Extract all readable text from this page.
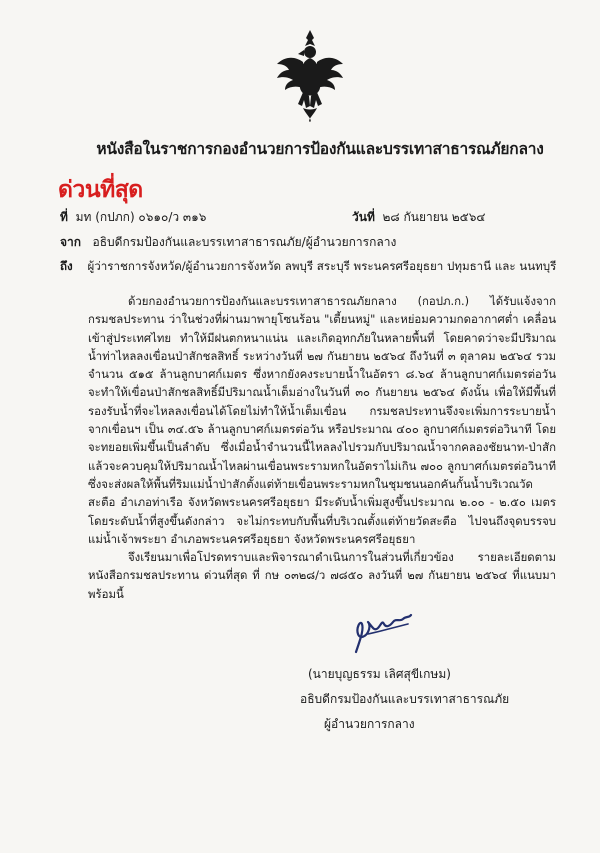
หนังสือในราชการกองอำนวยการป้องกันและบรรเทาสาธารณภัยกลาง
ด่วนที่สุด
ที่ มท (กปภก) ๐๖๑๐/ว ๓๑๖	วันที่ ๒๘ กันยายน ๒๕๖๔
จาก อธิบดีกรมป้องกันและบรรเทาสาธารณภัย/ผู้อำนวยการกลาง
ถึง ผู้ว่าราชการจังหวัด/ผู้อำนวยการจังหวัด ลพบุรี สระบุรี พระนครศรีอยุธยา ปทุมธานี และ นนทบุรี
ด้วยกองอำนวยการป้องกันและบรรเทาสาธารณภัยกลาง (กอปภ.ก.) ได้รับแจ้งจากกรมชลประทาน ว่าในช่วงที่ผ่านมาพายุโซนร้อน "เตี้ยนหมู่" และหย่อมความกดอากาศต่ำ เคลื่อนเข้าสู่ประเทศไทย ทำให้มีฝนตกหนาแน่น และเกิดอุทกภัยในหลายพื้นที่ โดยคาดว่าจะมีปริมาณน้ำท่าไหลลงเขื่อนป่าสักชลสิทธิ์ ระหว่างวันที่ ๒๗ กันยายน ๒๕๖๔ ถึงวันที่ ๓ ตุลาคม ๒๕๖๔ รวมจำนวน ๕๑๕ ล้านลูกบาศก์เมตร ซึ่งหากยังคงระบายน้ำในอัตรา ๘.๖๔ ล้านลูกบาศก์เมตรต่อวัน จะทำให้เขื่อนป่าสักชลสิทธิ์มีปริมาณน้ำเต็มอ่างในวันที่ ๓๐ กันยายน ๒๕๖๔ ดังนั้น เพื่อให้มีพื้นที่รองรับน้ำที่จะไหลลงเขื่อนได้โดยไม่ทำให้น้ำเต็มเขื่อน กรมชลประทานจึงจะเพิ่มการระบายน้ำจากเขื่อนฯ เป็น ๓๔.๕๖ ล้านลูกบาศก์เมตรต่อวัน หรือประมาณ ๔๐๐ ลูกบาศก์เมตรต่อวินาที โดยจะทยอยเพิ่มขึ้นเป็นลำดับ ซึ่งเมื่อน้ำจำนวนนี้ไหลลงไปรวมกับปริมาณน้ำจากคลองชัยนาท-ป่าสัก แล้วจะควบคุมให้ปริมาณน้ำไหลผ่านเขื่อนพระรามหกในอัตราไม่เกิน ๗๐๐ ลูกบาศก์เมตรต่อวินาที ซึ่งจะส่งผลให้พื้นที่ริมแม่น้ำป่าสักตั้งแต่ท้ายเขื่อนพระรามหกในชุมชนนอกคันกั้นน้ำบริเวณวัดสะตือ อำเภอท่าเรือ จังหวัดพระนครศรีอยุธยา มีระดับน้ำเพิ่มสูงขึ้นประมาณ ๒.๐๐ - ๒.๕๐ เมตร โดยระดับน้ำที่สูงขึ้นดังกล่าว จะไม่กระทบกับพื้นที่บริเวณตั้งแต่ท้ายวัดสะตือ ไปจนถึงจุดบรรจบแม่น้ำเจ้าพระยา อำเภอพระนครศรีอยุธยา จังหวัดพระนครศรีอยุธยา
จึงเรียนมาเพื่อโปรดทราบและพิจารณาดำเนินการในส่วนที่เกี่ยวข้อง รายละเอียดตามหนังสือกรมชลประทาน ด่วนที่สุด ที่ กษ ๐๓๒๘/ว ๗๘๕๐ ลงวันที่ ๒๗ กันยายน ๒๕๖๔ ที่แนบมาพร้อมนี้
(นายบุญธรรม เลิศสุขีเกษม)
อธิบดีกรมป้องกันและบรรเทาสาธารณภัย
ผู้อำนวยการกลาง
